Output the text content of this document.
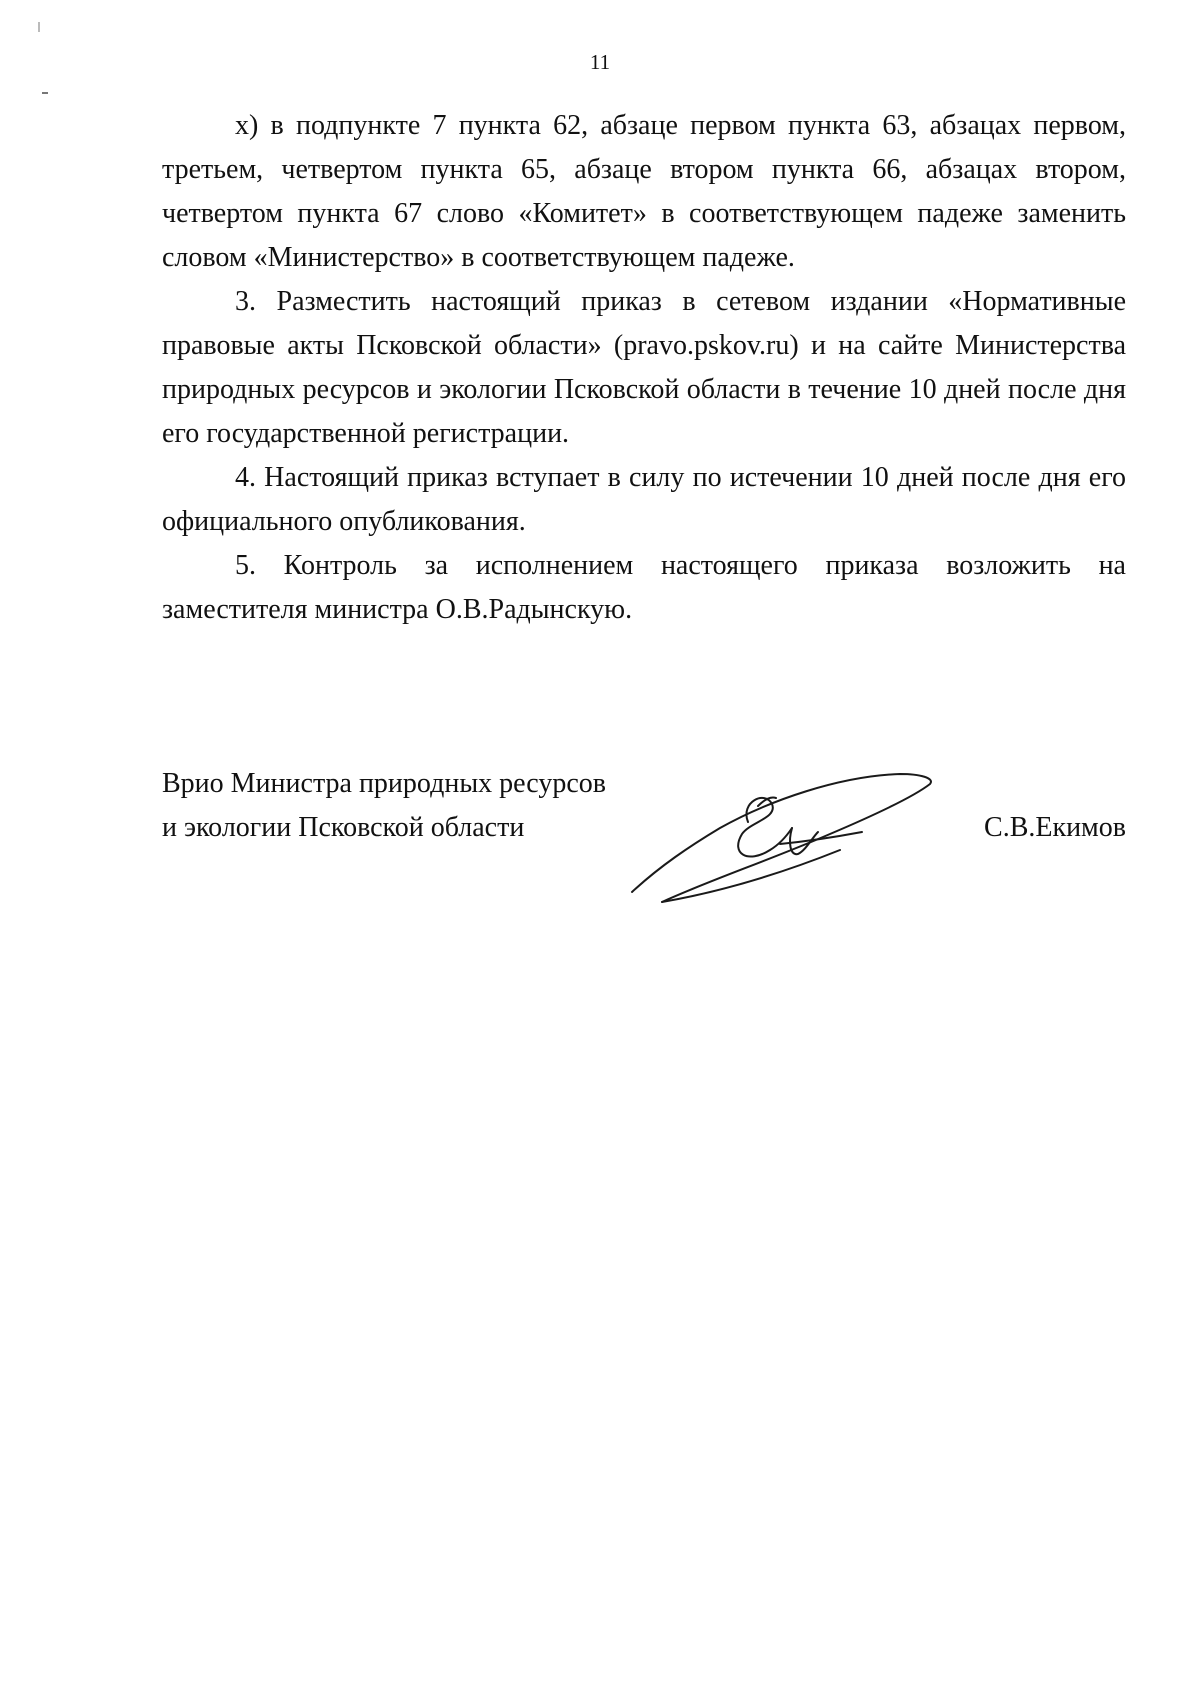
11

х) в подпункте 7 пункта 62, абзаце первом пункта 63, абзацах первом, третьем, четвертом пункта 65, абзаце втором пункта 66, абзацах втором, четвертом пункта 67 слово «Комитет» в соответствующем падеже заменить словом «Министерство» в соответствующем падеже.

3. Разместить настоящий приказ в сетевом издании «Нормативные правовые акты Псковской области» (pravo.pskov.ru) и на сайте Министерства природных ресурсов и экологии Псковской области в течение 10 дней после дня его государственной регистрации.

4. Настоящий приказ вступает в силу по истечении 10 дней после дня его официального опубликования.

5. Контроль за исполнением настоящего приказа возложить на заместителя министра О.В.Радынскую.

Врио Министра природных ресурсов
и экологии Псковской области	С.В.Екимов
